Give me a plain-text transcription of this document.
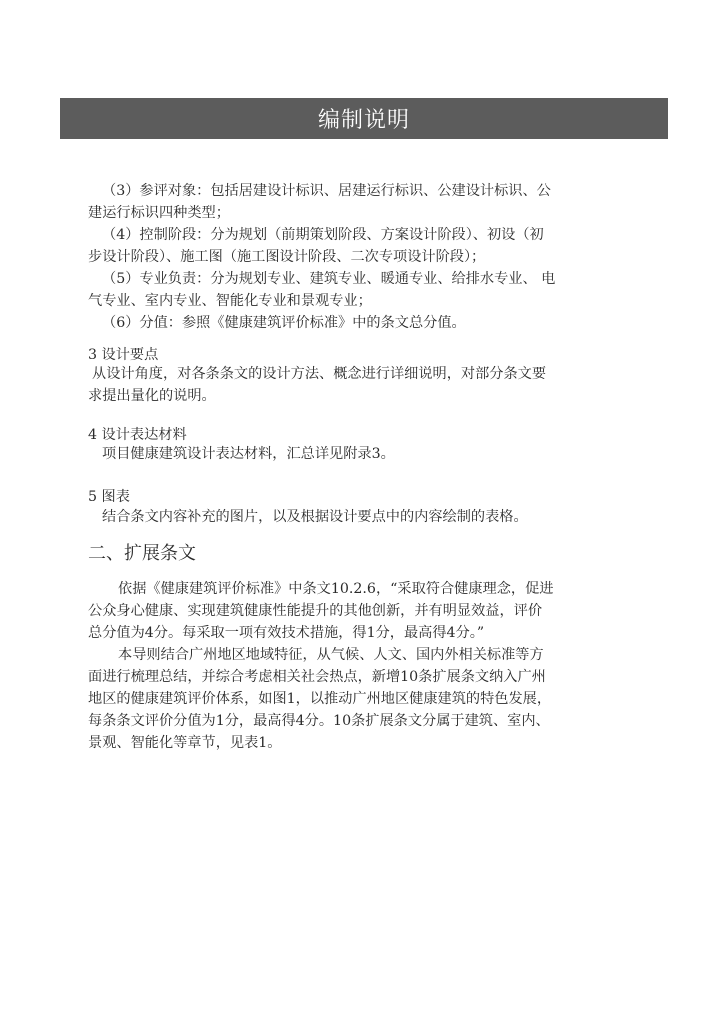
编制说明
（3）参评对象：包括居建设计标识、居建运行标识、公建设计标识、公
建运行标识四种类型；
（4）控制阶段：分为规划（前期策划阶段、方案设计阶段）、初设（初
步设计阶段）、施工图（施工图设计阶段、二次专项设计阶段）；
（5）专业负责：分为规划专业、建筑专业、暖通专业、给排水专业、 电
气专业、室内专业、智能化专业和景观专业；
（6）分值：参照《健康建筑评价标准》中的条文总分值。
3 设计要点
从设计角度，对各条条文的设计方法、概念进行详细说明，对部分条文要
求提出量化的说明。
4 设计表达材料
项目健康建筑设计表达材料，汇总详见附录3。
5 图表
结合条文内容补充的图片，以及根据设计要点中的内容绘制的表格。
二、扩展条文
依据《健康建筑评价标准》中条文10.2.6，“采取符合健康理念，促进
公众身心健康、实现建筑健康性能提升的其他创新，并有明显效益，评价
总分值为4分。每采取一项有效技术措施，得1分，最高得4分。”
本导则结合广州地区地域特征，从气候、人文、国内外相关标准等方
面进行梳理总结，并综合考虑相关社会热点，新增10条扩展条文纳入广州
地区的健康建筑评价体系，如图1，以推动广州地区健康建筑的特色发展，
每条条文评价分值为1分，最高得4分。10条扩展条文分属于建筑、室内、
景观、智能化等章节，见表1。
